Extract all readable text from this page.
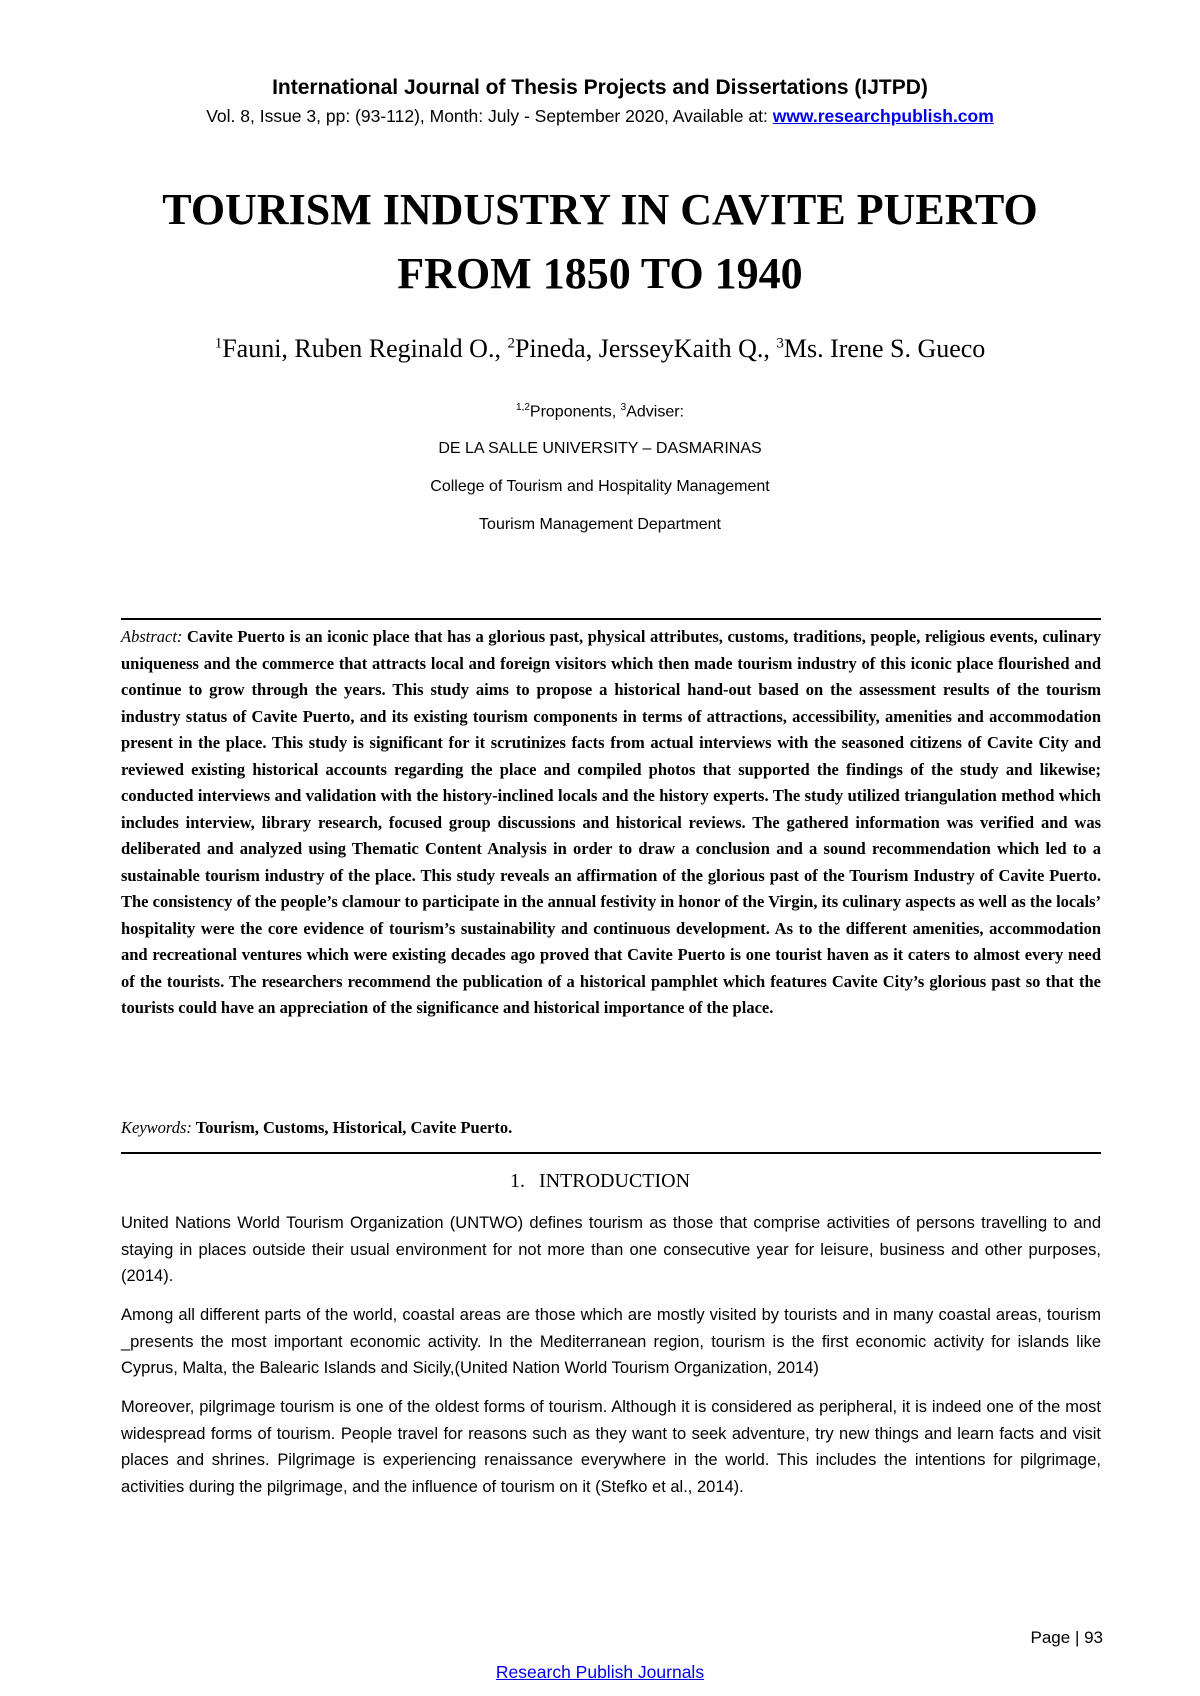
International Journal of Thesis Projects and Dissertations (IJTPD)
Vol. 8, Issue 3, pp: (93-112), Month: July - September 2020, Available at: www.researchpublish.com
TOURISM INDUSTRY IN CAVITE PUERTO
FROM 1850 TO 1940
$^1$Fauni, Ruben Reginald O., $^2$Pineda, JersseyKaith Q., $^3$Ms. Irene S. Gueco
$^{1,2}$Proponents, $^3$Adviser:
DE LA SALLE UNIVERSITY – DASMARINAS
College of Tourism and Hospitality Management
Tourism Management Department
Abstract: Cavite Puerto is an iconic place that has a glorious past, physical attributes, customs, traditions, people, religious events, culinary uniqueness and the commerce that attracts local and foreign visitors which then made tourism industry of this iconic place flourished and continue to grow through the years. This study aims to propose a historical hand-out based on the assessment results of the tourism industry status of Cavite Puerto, and its existing tourism components in terms of attractions, accessibility, amenities and accommodation present in the place. This study is significant for it scrutinizes facts from actual interviews with the seasoned citizens of Cavite City and reviewed existing historical accounts regarding the place and compiled photos that supported the findings of the study and likewise; conducted interviews and validation with the history-inclined locals and the history experts. The study utilized triangulation method which includes interview, library research, focused group discussions and historical reviews. The gathered information was verified and was deliberated and analyzed using Thematic Content Analysis in order to draw a conclusion and a sound recommendation which led to a sustainable tourism industry of the place. This study reveals an affirmation of the glorious past of the Tourism Industry of Cavite Puerto. The consistency of the people’s clamour to participate in the annual festivity in honor of the Virgin, its culinary aspects as well as the locals’ hospitality were the core evidence of tourism’s sustainability and continuous development. As to the different amenities, accommodation and recreational ventures which were existing decades ago proved that Cavite Puerto is one tourist haven as it caters to almost every need of the tourists. The researchers recommend the publication of a historical pamphlet which features Cavite City’s glorious past so that the tourists could have an appreciation of the significance and historical importance of the place.
Keywords: Tourism, Customs, Historical, Cavite Puerto.
1. INTRODUCTION
United Nations World Tourism Organization (UNTWO) defines tourism as those that comprise activities of persons travelling to and staying in places outside their usual environment for not more than one consecutive year for leisure, business and other purposes, (2014).
Among all different parts of the world, coastal areas are those which are mostly visited by tourists and in many coastal areas, tourism _presents the most important economic activity. In the Mediterranean region, tourism is the first economic activity for islands like Cyprus, Malta, the Balearic Islands and Sicily,(United Nation World Tourism Organization, 2014)
Moreover, pilgrimage tourism is one of the oldest forms of tourism. Although it is considered as peripheral, it is indeed one of the most widespread forms of tourism. People travel for reasons such as they want to seek adventure, try new things and learn facts and visit places and shrines. Pilgrimage is experiencing renaissance everywhere in the world. This includes the intentions for pilgrimage, activities during the pilgrimage, and the influence of tourism on it (Stefko et al., 2014).
Page | 93
Research Publish Journals
